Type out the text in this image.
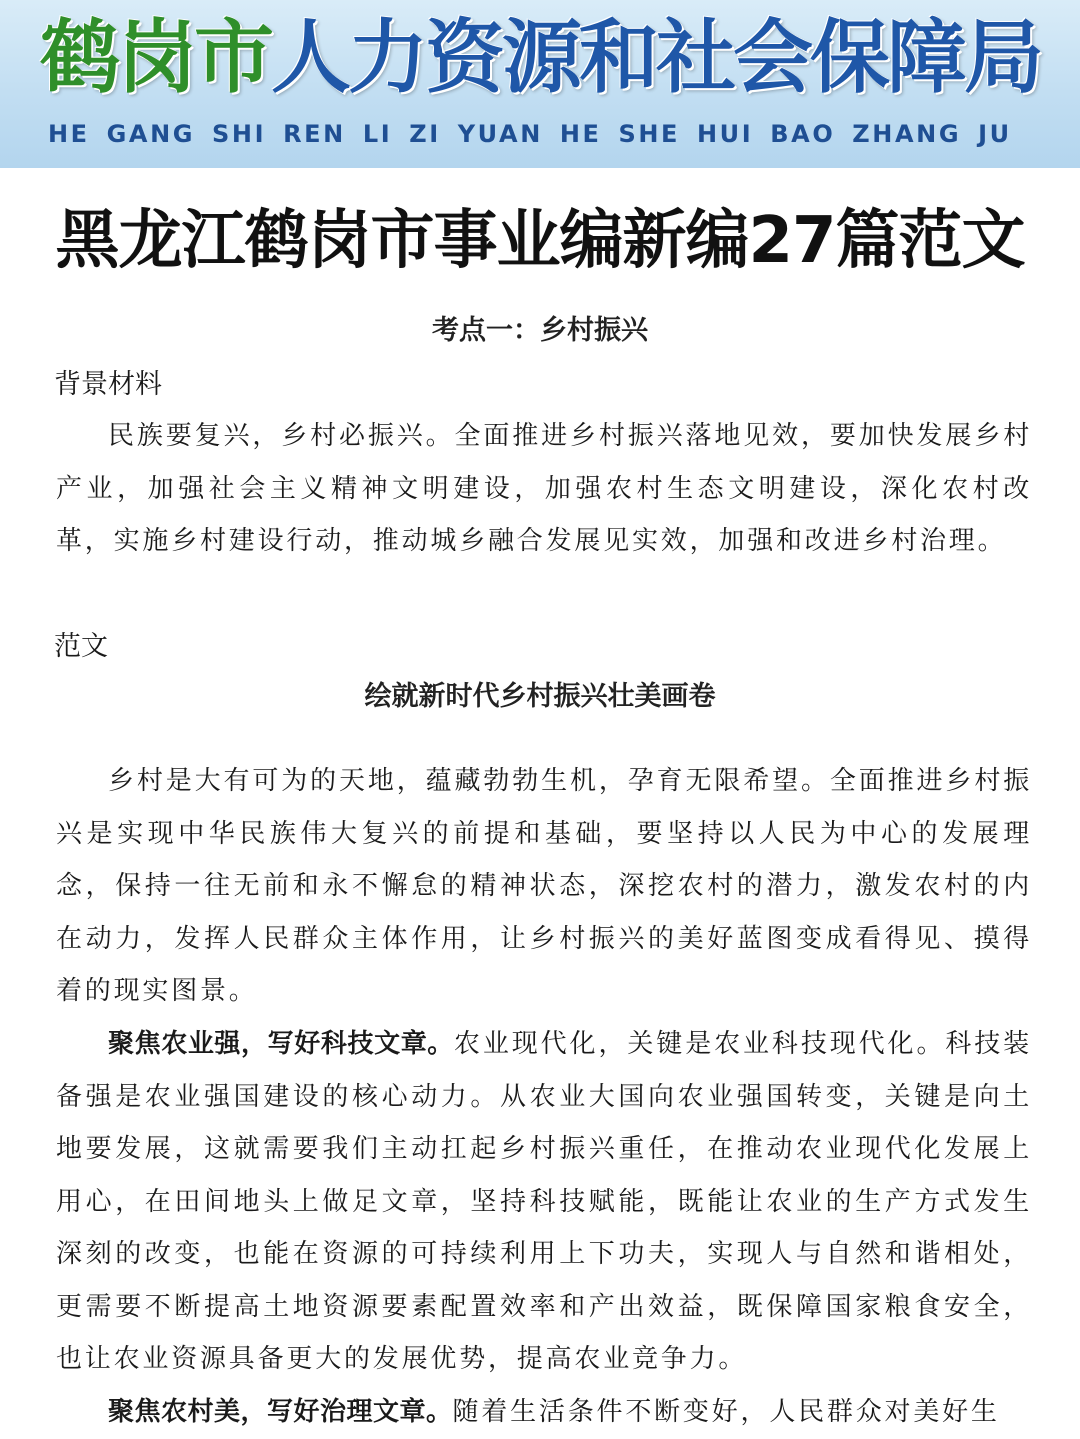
鹤岗市人力资源和社会保障局
HE GANG SHI REN LI ZI YUAN HE SHE HUI BAO ZHANG JU
黑龙江鹤岗市事业编新编27篇范文
考点一：乡村振兴
背景材料

民族要复兴，乡村必振兴。全面推进乡村振兴落地见效，要加快发展乡村产业，加强社会主义精神文明建设，加强农村生态文明建设，深化农村改革，实施乡村建设行动，推动城乡融合发展见实效，加强和改进乡村治理。

范文
绘就新时代乡村振兴壮美画卷

乡村是大有可为的天地，蕴藏勃勃生机，孕育无限希望。全面推进乡村振兴是实现中华民族伟大复兴的前提和基础，要坚持以人民为中心的发展理念，保持一往无前和永不懈怠的精神状态，深挖农村的潜力，激发农村的内在动力，发挥人民群众主体作用，让乡村振兴的美好蓝图变成看得见、摸得着的现实图景。

聚焦农业强，写好科技文章。农业现代化，关键是农业科技现代化。科技装备强是农业强国建设的核心动力。从农业大国向农业强国转变，关键是向土地要发展，这就需要我们主动扛起乡村振兴重任，在推动农业现代化发展上用心，在田间地头上做足文章，坚持科技赋能，既能让农业的生产方式发生深刻的改变，也能在资源的可持续利用上下功夫，实现人与自然和谐相处，更需要不断提高土地资源要素配置效率和产出效益，既保障国家粮食安全，也让农业资源具备更大的发展优势，提高农业竞争力。

聚焦农村美，写好治理文章。随着生活条件不断变好，人民群众对美好生
